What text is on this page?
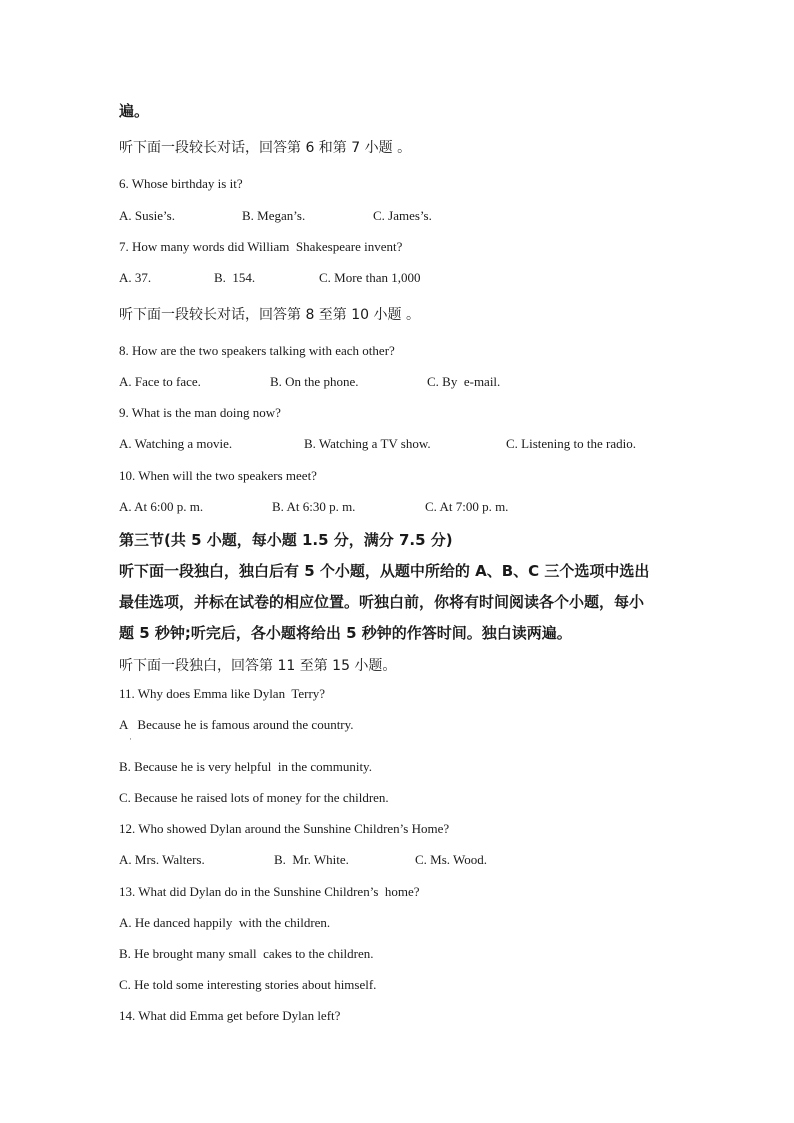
遍。
听下面一段较长对话，回答第 6 和第 7 小题 。
6. Whose birthday is it?
A. Susie’s.	B. Megan’s.	C. James’s.
7. How many words did William  Shakespeare invent?
A. 37.	B.  154.	C. More than 1,000
听下面一段较长对话，回答第 8 至第 10 小题 。
8. How are the two speakers talking with each other?
A. Face to face.	B. On the phone.	C. By  e-mail.
9. What is the man doing now?
A. Watching a movie.	B. Watching a TV show.	C. Listening to the radio.
10. When will the two speakers meet?
A. At 6:00 p. m.	B. At 6:30 p. m.	C. At 7:00 p. m.
第三节(共 5 小题，每小题 1.5 分，满分 7.5 分)
听下面一段独白，独白后有 5 个小题，从题中所给的 A、B、C 三个选项中选出
最佳选项，并标在试卷的相应位置。听独白前，你将有时间阅读各个小题，每小
题 5 秒钟;听完后，各小题将给出 5 秒钟的作答时间。独白读两遍。
听下面一段独白，回答第 11 至第 15 小题。
11. Why does Emma like Dylan  Terry?
A   Because he is famous around the country.
·
B. Because he is very helpful  in the community.
C. Because he raised lots of money for the children.
12. Who showed Dylan around the Sunshine Children’s Home?
A. Mrs. Walters.	B.  Mr. White.	C. Ms. Wood.
13. What did Dylan do in the Sunshine Children’s  home?
A. He danced happily  with the children.
B. He brought many small  cakes to the children.
C. He told some interesting stories about himself.
14. What did Emma get before Dylan left?
